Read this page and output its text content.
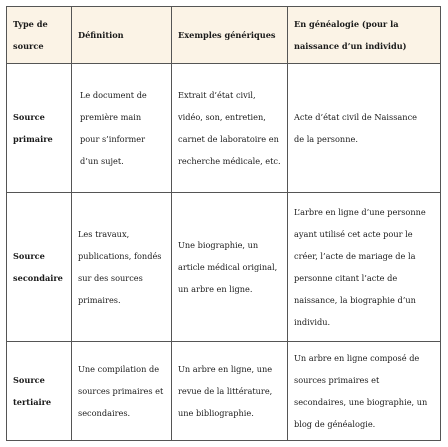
Type de source	Définition	Exemples génériques	En généalogie (pour la naissance d’un individu)
Source primaire	Le document de première main pour s’informer d’un sujet.	Extrait d’état civil, vidéo, son, entretien, carnet de laboratoire en recherche médicale, etc.	Acte d’état civil de Naissance de la personne.
Source secondaire	Les travaux, publications, fondés sur des sources primaires.	Une biographie, un article médical original, un arbre en ligne.	L’arbre en ligne d’une personne ayant utilisé cet acte pour le créer, l’acte de mariage de la personne citant l’acte de naissance, la biographie d’un individu.
Source tertiaire	Une compilation de sources primaires et secondaires.	Un arbre en ligne, une revue de la littérature, une bibliographie.	Un arbre en ligne composé de sources primaires et secondaires, une biographie, un blog de généalogie.
